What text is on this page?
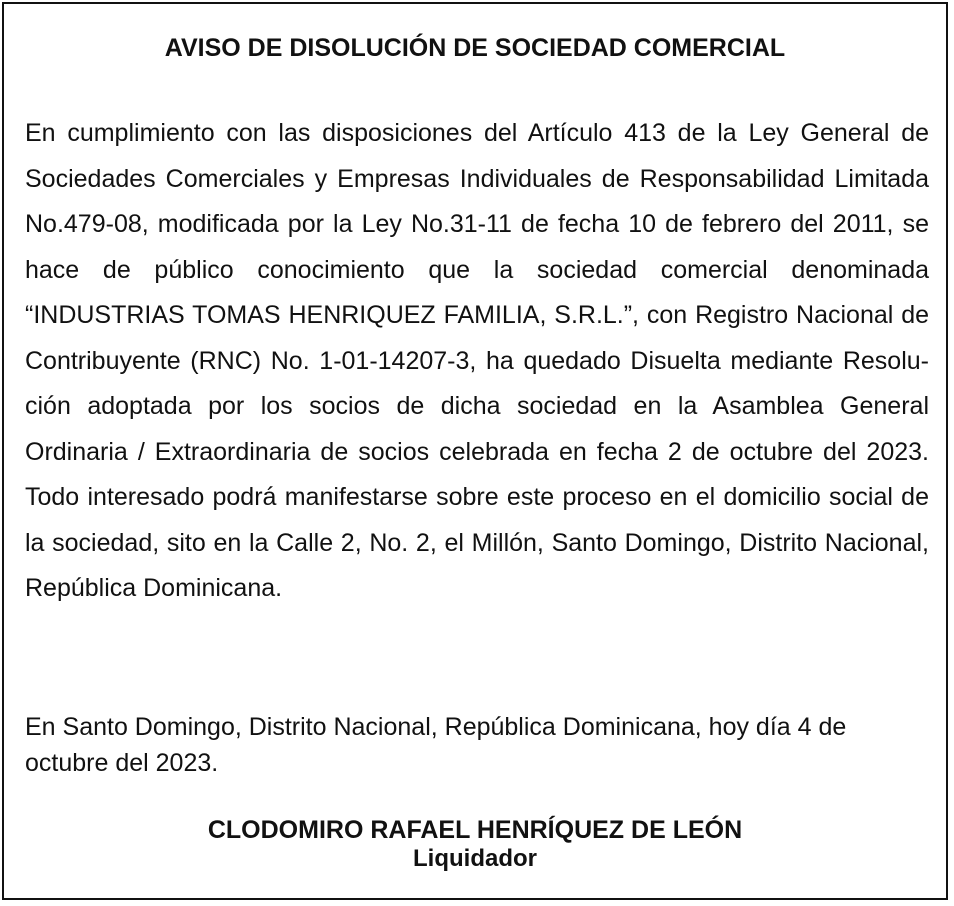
AVISO DE DISOLUCIÓN DE SOCIEDAD COMERCIAL

En cumplimiento con las disposiciones del Artículo 413 de la Ley General de Sociedades Comerciales y Empresas Individuales de Responsabilidad Limitada No.479-08, modificada por la Ley No.31-11 de fecha 10 de febrero del 2011, se hace de público conocimiento que la sociedad comercial denominada “INDUSTRIAS TOMAS HENRIQUEZ FAMILIA, S.R.L.”, con Registro Nacional de Contribuyente (RNC) No. 1-01-14207-3, ha quedado Disuelta mediante Resolución adoptada por los socios de dicha sociedad en la Asamblea General Ordinaria / Extraordinaria de socios celebrada en fecha 2 de octubre del 2023. Todo interesado podrá manifestarse sobre este proceso en el domicilio social de la sociedad, sito en la Calle 2, No. 2, el Millón, Santo Domingo, Distrito Nacional, República Dominicana.

En Santo Domingo, Distrito Nacional, República Dominicana, hoy día 4 de octubre del 2023.

CLODOMIRO RAFAEL HENRÍQUEZ DE LEÓN
Liquidador
